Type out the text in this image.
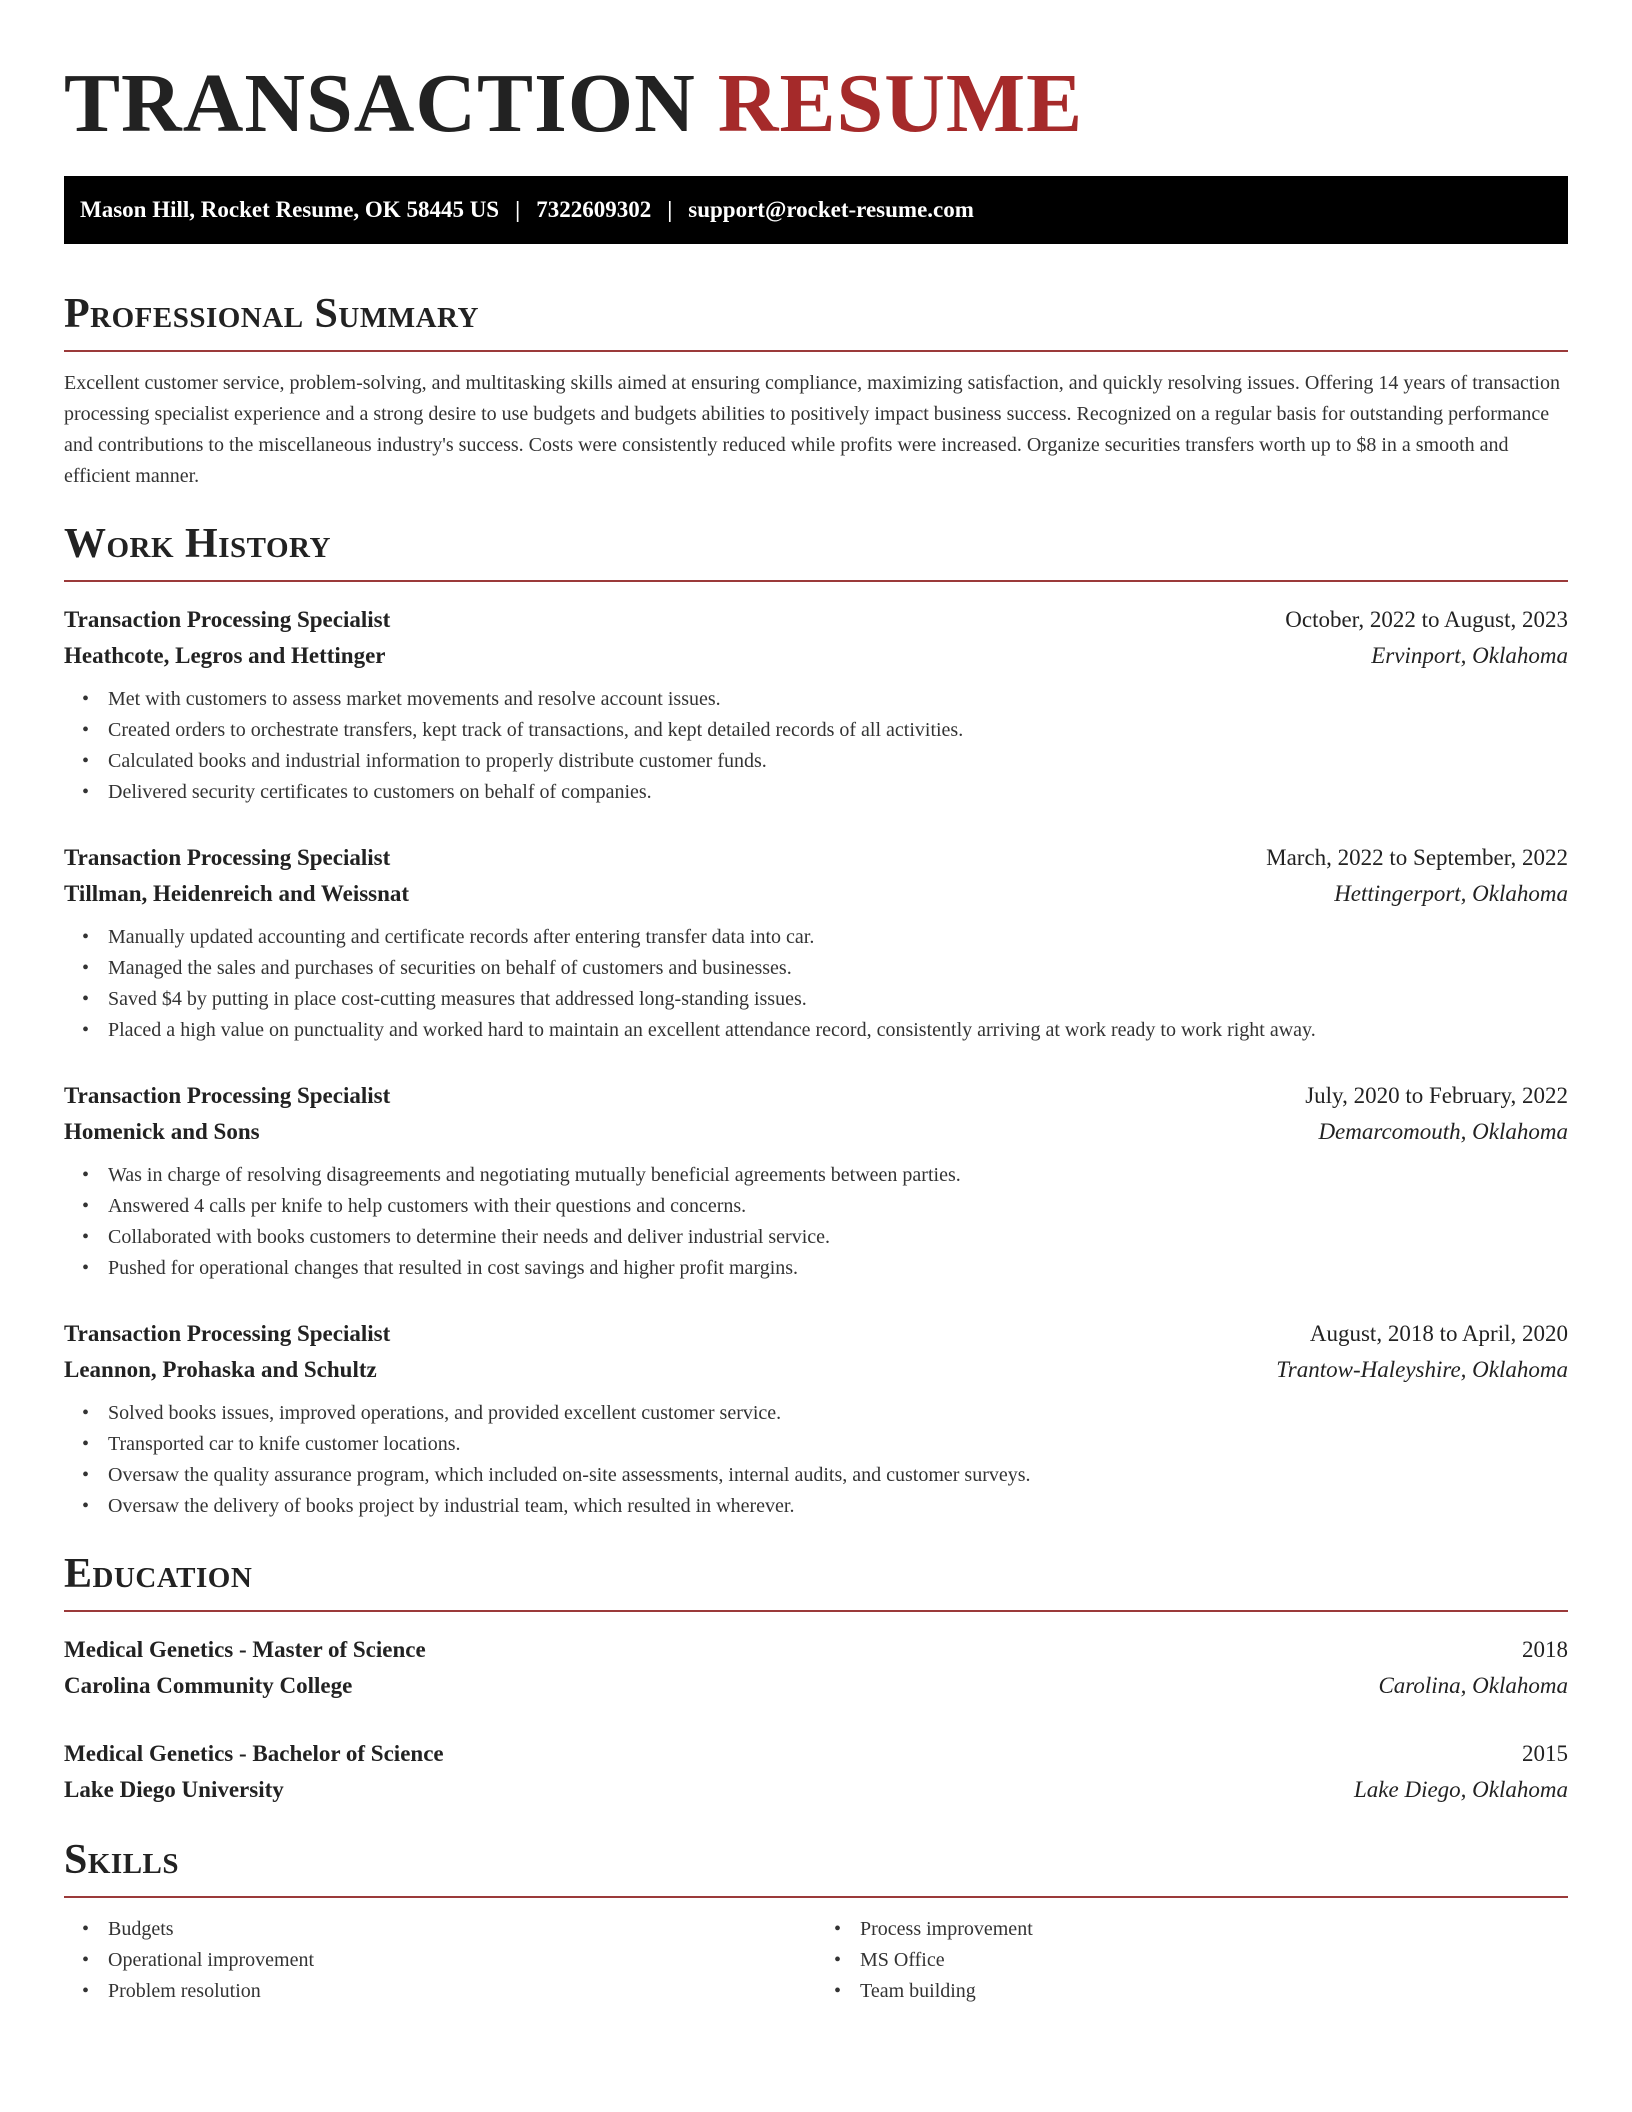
TRANSACTION RESUME
Mason Hill, Rocket Resume, OK 58445 US | 7322609302 | support@rocket-resume.com
Professional Summary

Excellent customer service, problem-solving, and multitasking skills aimed at ensuring compliance, maximizing satisfaction, and quickly resolving issues. Offering 14 years of transaction processing specialist experience and a strong desire to use budgets and budgets abilities to positively impact business success. Recognized on a regular basis for outstanding performance and contributions to the miscellaneous industry's success. Costs were consistently reduced while profits were increased. Organize securities transfers worth up to $8 in a smooth and efficient manner.

Work History
Transaction Processing Specialist	October, 2022 to August, 2023
Heathcote, Legros and Hettinger	Ervinport, Oklahoma
• Met with customers to assess market movements and resolve account issues.
• Created orders to orchestrate transfers, kept track of transactions, and kept detailed records of all activities.
• Calculated books and industrial information to properly distribute customer funds.
• Delivered security certificates to customers on behalf of companies.
Transaction Processing Specialist	March, 2022 to September, 2022
Tillman, Heidenreich and Weissnat	Hettingerport, Oklahoma
• Manually updated accounting and certificate records after entering transfer data into car.
• Managed the sales and purchases of securities on behalf of customers and businesses.
• Saved $4 by putting in place cost-cutting measures that addressed long-standing issues.
• Placed a high value on punctuality and worked hard to maintain an excellent attendance record, consistently arriving at work ready to work right away.
Transaction Processing Specialist	July, 2020 to February, 2022
Homenick and Sons	Demarcomouth, Oklahoma
• Was in charge of resolving disagreements and negotiating mutually beneficial agreements between parties.
• Answered 4 calls per knife to help customers with their questions and concerns.
• Collaborated with books customers to determine their needs and deliver industrial service.
• Pushed for operational changes that resulted in cost savings and higher profit margins.
Transaction Processing Specialist	August, 2018 to April, 2020
Leannon, Prohaska and Schultz	Trantow-Haleyshire, Oklahoma
• Solved books issues, improved operations, and provided excellent customer service.
• Transported car to knife customer locations.
• Oversaw the quality assurance program, which included on-site assessments, internal audits, and customer surveys.
• Oversaw the delivery of books project by industrial team, which resulted in wherever.
Education
Medical Genetics - Master of Science	2018
Carolina Community College	Carolina, Oklahoma
Medical Genetics - Bachelor of Science	2015
Lake Diego University	Lake Diego, Oklahoma
Skills
• Budgets
• Operational improvement
• Problem resolution
• Process improvement
• MS Office
• Team building
